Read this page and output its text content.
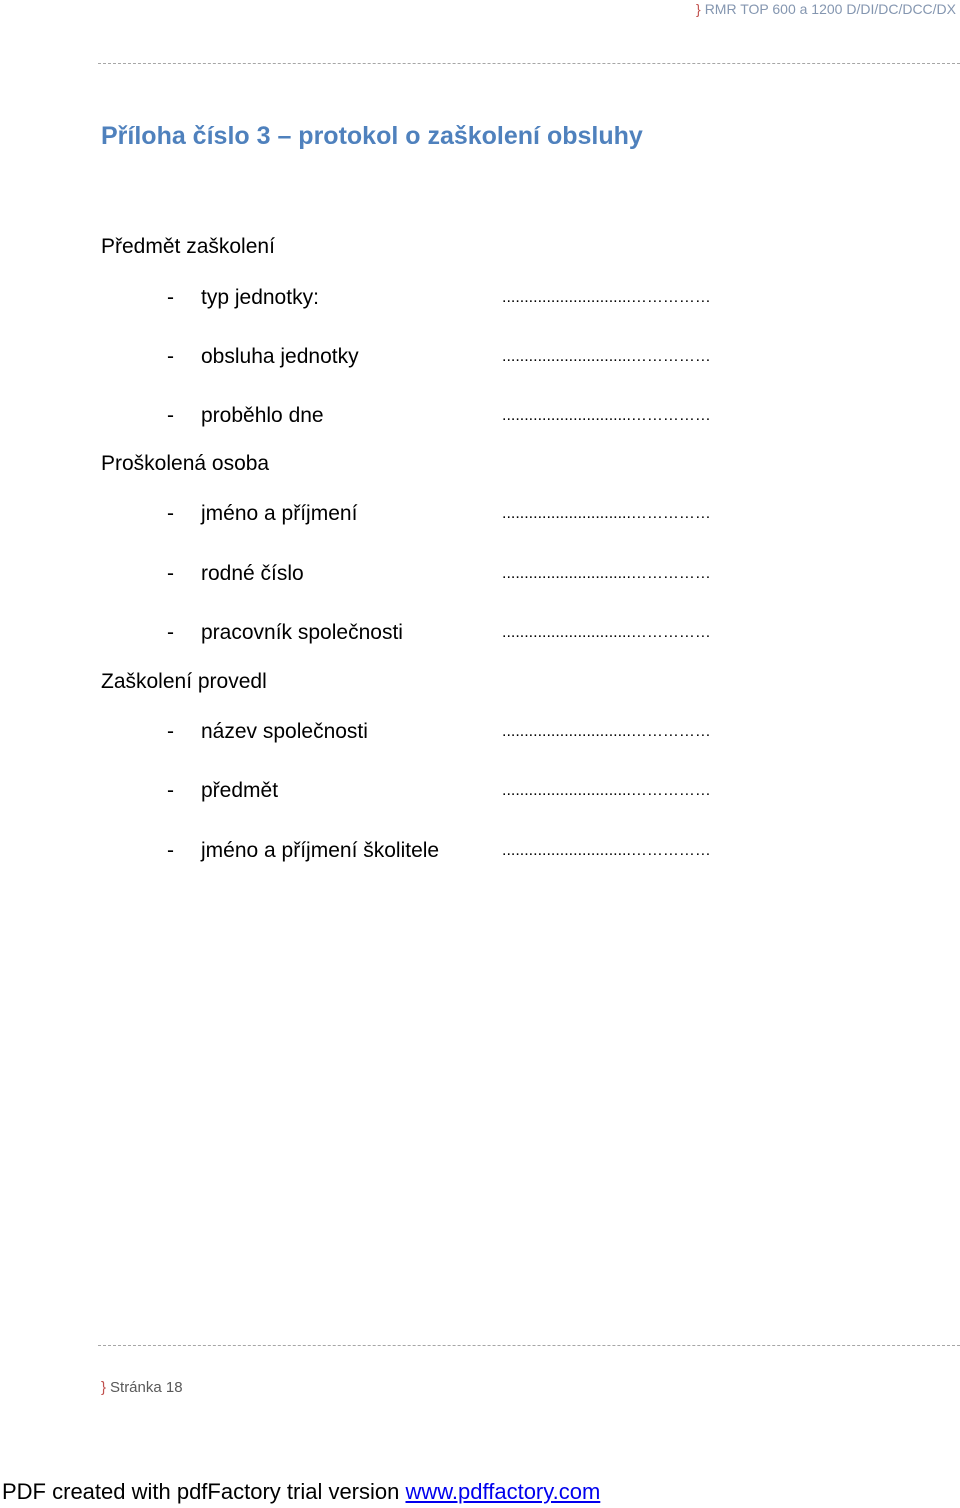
} RMR TOP 600 a 1200 D/DI/DC/DCC/DX
Příloha číslo 3 – protokol o zaškolení obsluhy
Předmět zaškolení
- typ jednotky:	.............................……………
- obsluha jednotky	.............................……………
- proběhlo dne	.............................……………
Proškolená osoba
- jméno a příjmení	.............................……………
- rodné číslo	.............................……………
- pracovník společnosti	.............................……………
Zaškolení provedl
- název společnosti	.............................……………
- předmět	.............................……………
- jméno a příjmení školitele	.............................……………
} Stránka 18
PDF created with pdfFactory trial version www.pdffactory.com
